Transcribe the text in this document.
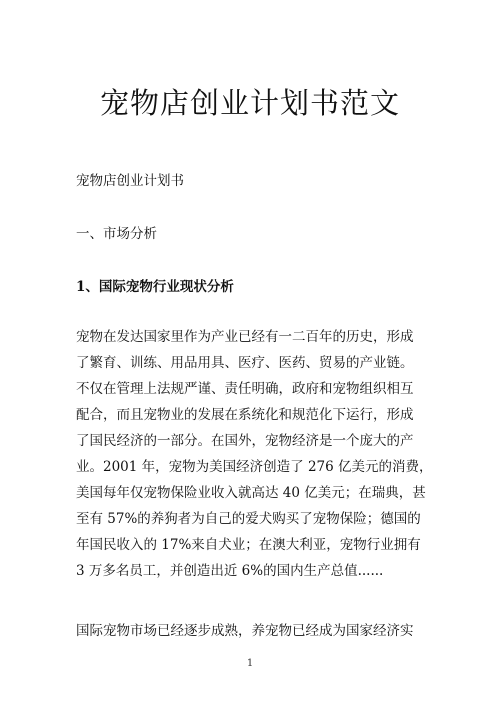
宠物店创业计划书范文

宠物店创业计划书

一、市场分析

1、国际宠物行业现状分析

宠物在发达国家里作为产业已经有一二百年的历史，形成
了繁育、训练、用品用具、医疗、医药、贸易的产业链。
不仅在管理上法规严谨、责任明确，政府和宠物组织相互
配合，而且宠物业的发展在系统化和规范化下运行，形成
了国民经济的一部分。在国外，宠物经济是一个庞大的产
业。2001 年，宠物为美国经济创造了 276 亿美元的消费，
美国每年仅宠物保险业收入就高达 40 亿美元；在瑞典，甚
至有 57%的养狗者为自己的爱犬购买了宠物保险；德国的
年国民收入的 17%来自犬业；在澳大利亚，宠物行业拥有
3 万多名员工，并创造出近 6%的国内生产总值......

国际宠物市场已经逐步成熟，养宠物已经成为国家经济实

1
